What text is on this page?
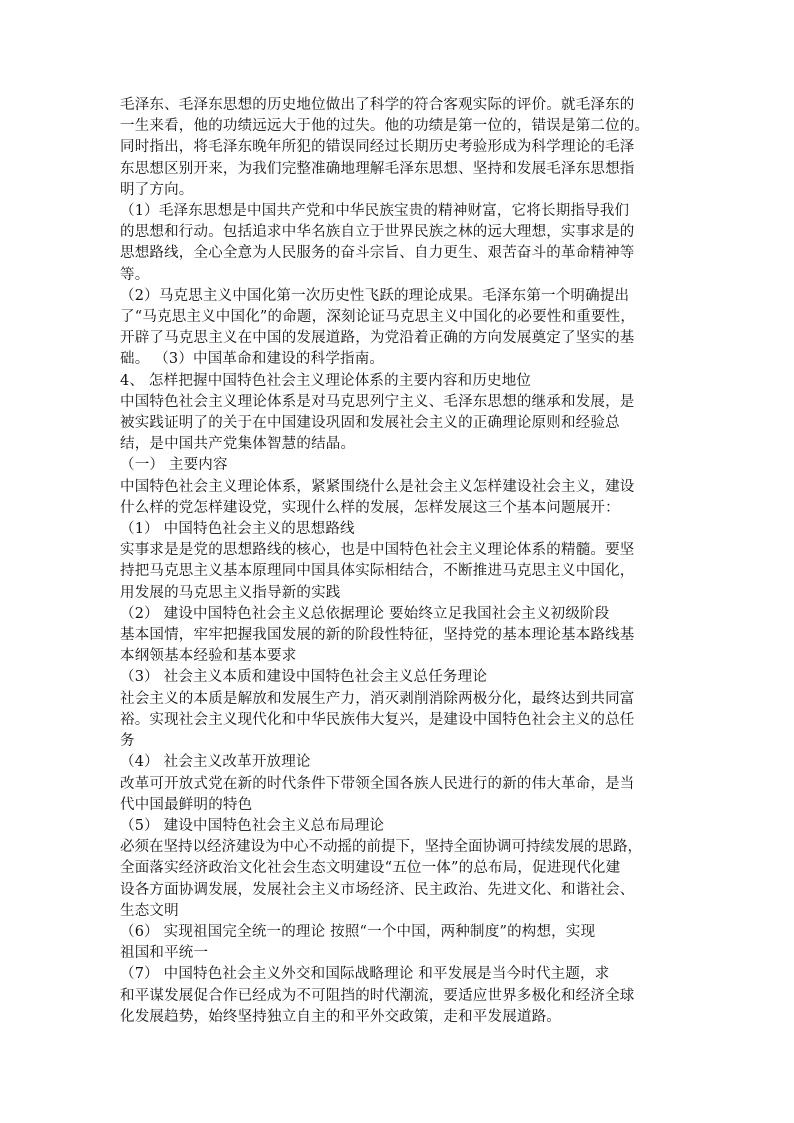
毛泽东、毛泽东思想的历史地位做出了科学的符合客观实际的评价。就毛泽东的
一生来看，他的功绩远远大于他的过失。他的功绩是第一位的，错误是第二位的。
同时指出，将毛泽东晚年所犯的错误同经过长期历史考验形成为科学理论的毛泽
东思想区别开来，为我们完整准确地理解毛泽东思想、坚持和发展毛泽东思想指
明了方向。
（1）毛泽东思想是中国共产党和中华民族宝贵的精神财富，它将长期指导我们
的思想和行动。包括追求中华名族自立于世界民族之林的远大理想，实事求是的
思想路线，全心全意为人民服务的奋斗宗旨、自力更生、艰苦奋斗的革命精神等
等。
（2）马克思主义中国化第一次历史性飞跃的理论成果。毛泽东第一个明确提出
了“马克思主义中国化”的命题，深刻论证马克思主义中国化的必要性和重要性，
开辟了马克思主义在中国的发展道路，为党沿着正确的方向发展奠定了坚实的基
础。 （3）中国革命和建设的科学指南。
4、 怎样把握中国特色社会主义理论体系的主要内容和历史地位
中国特色社会主义理论体系是对马克思列宁主义、毛泽东思想的继承和发展，是
被实践证明了的关于在中国建设巩固和发展社会主义的正确理论原则和经验总
结，是中国共产党集体智慧的结晶。
（一） 主要内容
中国特色社会主义理论体系，紧紧围绕什么是社会主义怎样建设社会主义，建设
什么样的党怎样建设党，实现什么样的发展，怎样发展这三个基本问题展开：
（1） 中国特色社会主义的思想路线
实事求是是党的思想路线的核心，也是中国特色社会主义理论体系的精髓。要坚
持把马克思主义基本原理同中国具体实际相结合，不断推进马克思主义中国化，
用发展的马克思主义指导新的实践
（2） 建设中国特色社会主义总依据理论 要始终立足我国社会主义初级阶段
基本国情，牢牢把握我国发展的新的阶段性特征，坚持党的基本理论基本路线基
本纲领基本经验和基本要求
（3） 社会主义本质和建设中国特色社会主义总任务理论
社会主义的本质是解放和发展生产力，消灭剥削消除两极分化，最终达到共同富
裕。实现社会主义现代化和中华民族伟大复兴，是建设中国特色社会主义的总任
务
（4） 社会主义改革开放理论
改革可开放式党在新的时代条件下带领全国各族人民进行的新的伟大革命，是当
代中国最鲜明的特色
（5） 建设中国特色社会主义总布局理论
必须在坚持以经济建设为中心不动摇的前提下，坚持全面协调可持续发展的思路，
全面落实经济政治文化社会生态文明建设“五位一体”的总布局，促进现代化建
设各方面协调发展，发展社会主义市场经济、民主政治、先进文化、和谐社会、
生态文明
（6） 实现祖国完全统一的理论 按照“一个中国，两种制度”的构想，实现
祖国和平统一
（7） 中国特色社会主义外交和国际战略理论 和平发展是当今时代主题，求
和平谋发展促合作已经成为不可阻挡的时代潮流，要适应世界多极化和经济全球
化发展趋势，始终坚持独立自主的和平外交政策，走和平发展道路。
